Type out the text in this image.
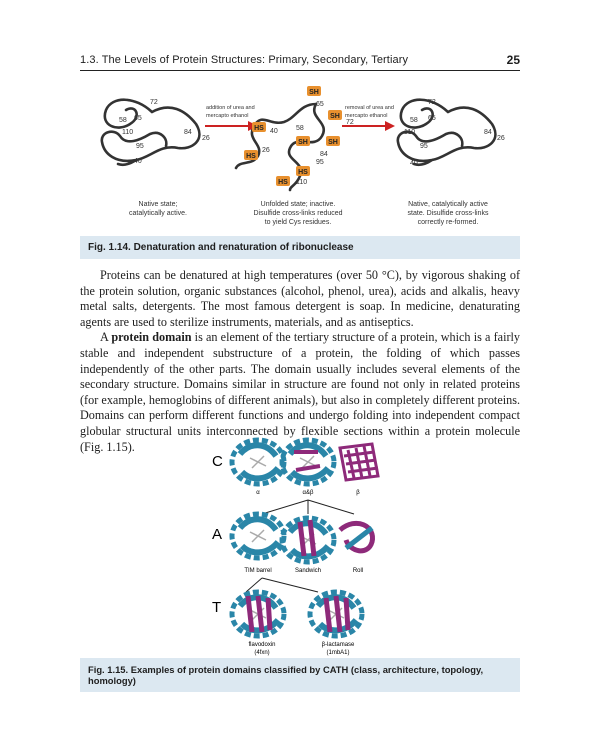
1.3. The Levels of Protein Structures: Primary, Secondary, Tertiary	25
SH
SH
HS
SH	SH
HS
HS
HS
72
58 65
110	84
26
95
40
65
72
40	58
26
84
95
110
72
58 65
110	84
26
95
40
addition of urea and
mercapto ethanol
removal of urea and
mercapto ethanol
Native state;
catalytically active.
Unfolded state; inactive.
Disulfide cross-links reduced
to yield Cys residues.
Native, catalytically active
state. Disulfide cross-links
correctly re-formed.
Fig. 1.14. Denaturation and renaturation of ribonuclease

Proteins can be denatured at high temperatures (over 50 °C), by vigorous shaking of the protein solution, organic substances (alcohol, phenol, urea), acids and alkalis, heavy metal salts, detergents. The most famous detergent is soap. In medicine, denaturating agents are used to sterilize instruments, materials, and as antiseptics.

A protein domain is an element of the tertiary structure of a protein, which is a fairly stable and independent substructure of a protein, the folding of which passes independently of the other parts. The domain usually includes several elements of the secondary structure. Domains similar in structure are found not only in related proteins (for example, hemoglobins of different animals), but also in completely different proteins. Domains can perform different functions and undergo folding into independent compact globular structural units interconnected by flexible sections within a protein molecule (Fig. 1.15).

C
A
T
α	α&β	β
TIM barrel	Sandwich	Roll
flavodoxin
(4fxn)
β-lactamase
(1mbA1)
Fig. 1.15. Examples of protein domains classified by CATH (class, architecture, topology, homology)
